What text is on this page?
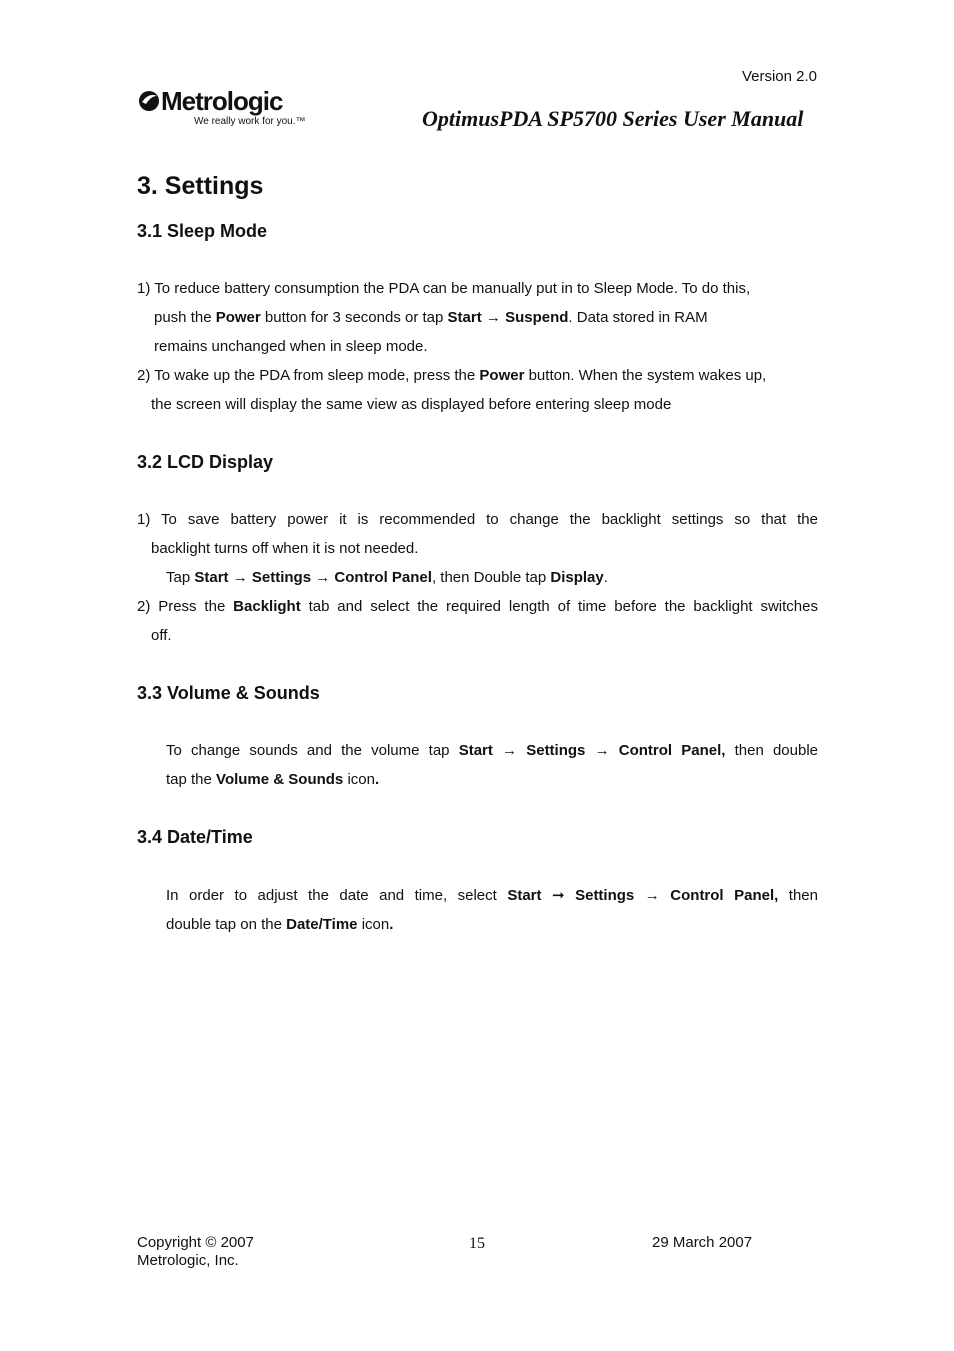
Version 2.0
Metrologic
We really work for you.™	OptimusPDA SP5700 Series User Manual
3. Settings
3.1 Sleep Mode
1) To reduce battery consumption the PDA can be manually put in to Sleep Mode. To do this,
push the Power button for 3 seconds or tap Start → Suspend. Data stored in RAM
remains unchanged when in sleep mode.
2) To wake up the PDA from sleep mode, press the Power button. When the system wakes up,
the screen will display the same view as displayed before entering sleep mode
3.2 LCD Display
1) To save battery power it is recommended to change the backlight settings so that the
backlight turns off when it is not needed.
Tap Start → Settings → Control Panel, then Double tap Display.
2) Press the Backlight tab and select the required length of time before the backlight switches
off.
3.3 Volume & Sounds
To change sounds and the volume tap Start → Settings → Control Panel, then double
tap the Volume & Sounds icon.
3.4 Date/Time
In order to adjust the date and time, select Start ➞ Settings → Control Panel, then
double tap on the Date/Time icon.
Copyright © 2007
Metrologic, Inc.
15	29 March 2007
